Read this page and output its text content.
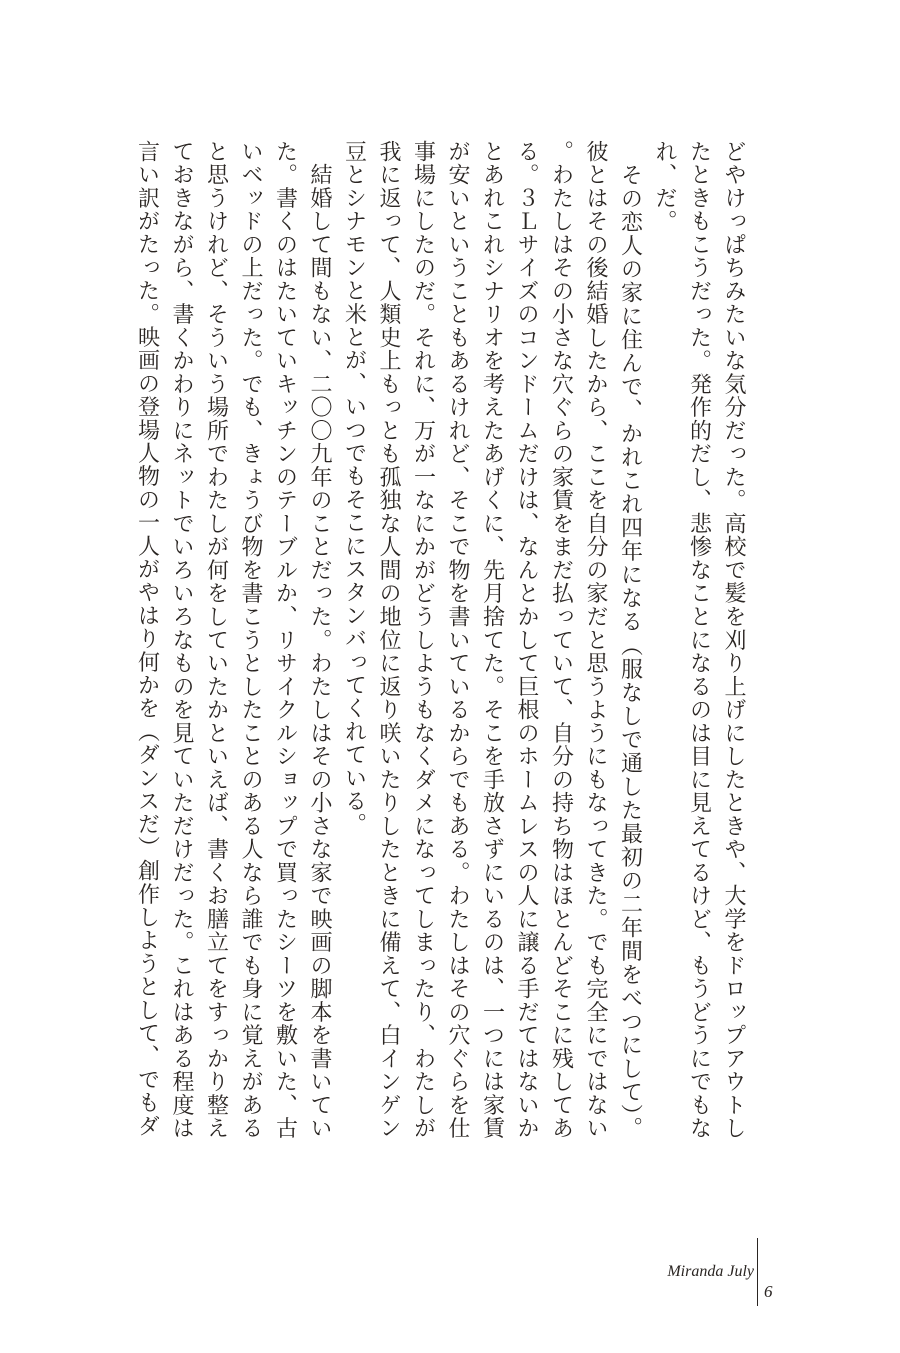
どやけっぱちみたいな気分だった。高校で髪を刈り上げにしたときや、大学をドロップアウトしたときもこうだった。発作的だし、悲惨なことになるのは目に見えてるけど、もうどうにでもなれ、だ。
　その恋人の家に住んで、かれこれ四年になる（服なしで通した最初の二年間をべつにして）。彼とはその後結婚したから、ここを自分の家だと思うようにもなってきた。でも完全にではない。わたしはその小さな穴ぐらの家賃をまだ払っていて、自分の持ち物はほとんどそこに残してある。３Ｌサイズのコンドームだけは、なんとかして巨根のホームレスの人に譲る手だてはないかとあれこれシナリオを考えたあげくに、先月捨てた。そこを手放さずにいるのは、一つには家賃が安いということもあるけれど、そこで物を書いているからでもある。わたしはその穴ぐらを仕事場にしたのだ。それに、万が一なにかがどうしようもなくダメになってしまったり、わたしが我に返って、人類史上もっとも孤独な人間の地位に返り咲いたりしたときに備えて、白インゲン豆とシナモンと米とが、いつでもそこにスタンバってくれている。
　結婚して間もない、二〇〇九年のことだった。わたしはその小さな家で映画の脚本を書いていた。書くのはたいていキッチンのテーブルか、リサイクルショップで買ったシーツを敷いた、古いベッドの上だった。でも、きょうび物を書こうとしたことのある人なら誰でも身に覚えがあると思うけれど、そういう場所でわたしが何をしていたかといえば、書くお膳立てをすっかり整えておきながら、書くかわりにネットでいろいろなものを見ていただけだった。これはある程度は言い訳がたった。映画の登場人物の一人がやはり何かを（ダンスだ）創作しようとして、でもダ
Miranda July
6
